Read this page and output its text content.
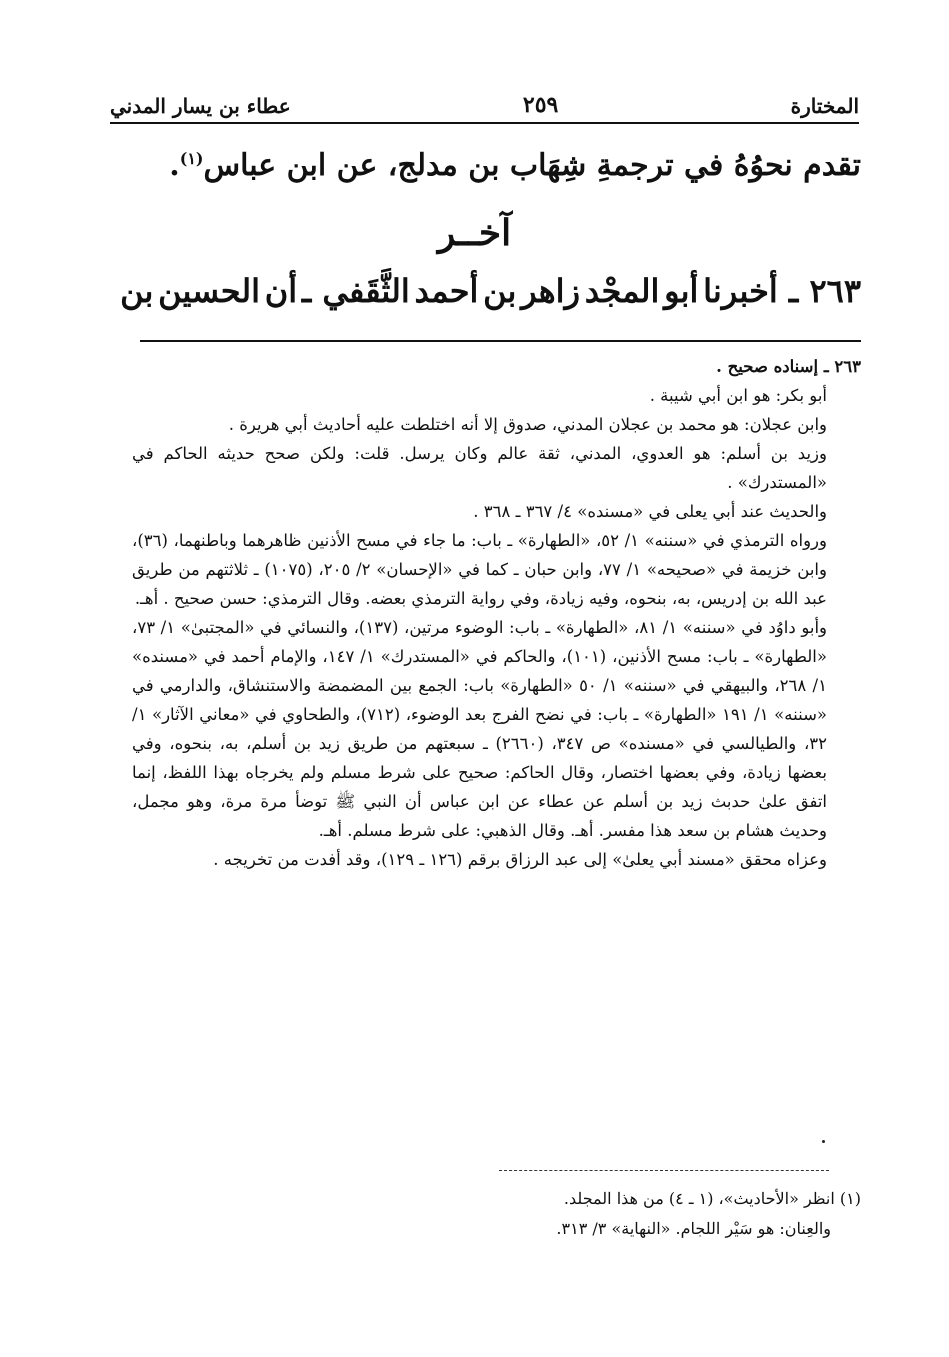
المختارة
٢٥٩
عطاء بن يسار المدني
تقدم نحوُهُ في ترجمةِ شِهَاب بن مدلج، عن ابن عباس$^{(١)}$.
آخــر
٢٦٣ ـ أخبرنا
أبو
المجْد
زاهر
بن
أحمد
الثَّقَفي ـ
أن
الحسين
بن

٢٦٣ ـ إسناده صحيح .

أبو بكر: هو ابن أبي شيبة .

وابن عجلان: هو محمد بن عجلان المدني، صدوق إلا أنه اختلطت عليه أحاديث أبي هريرة .

وزيد بن أسلم: هو العدوي، المدني، ثقة عالم وكان يرسل. قلت: ولكن صحح حديثه الحاكم في «المستدرك» .

والحديث عند أبي يعلى في «مسنده» ٤/ ٣٦٧ ـ ٣٦٨ .

ورواه الترمذي في «سننه» ١/ ٥٢، «الطهارة» ـ باب: ما جاء في مسح الأذنين ظاهرهما وباطنهما، (٣٦)، وابن خزيمة في «صحيحه» ١/ ٧٧، وابن حبان ـ كما في «الإحسان» ٢/ ٢٠٥، (١٠٧٥) ـ ثلاثتهم من طريق عبد الله بن إدريس، به، بنحوه، وفيه زيادة، وفي رواية الترمذي بعضه. وقال الترمذي: حسن صحيح . أهـ.

وأبو داوُد في «سننه» ١/ ٨١، «الطهارة» ـ باب: الوضوء مرتين، (١٣٧)، والنسائي في «المجتبىٰ» ١/ ٧٣، «الطهارة» ـ باب: مسح الأذنين، (١٠١)، والحاكم في «المستدرك» ١/ ١٤٧، والإمام أحمد في «مسنده» ١/ ٢٦٨، والبيهقي في «سننه» ١/ ٥٠ «الطهارة» باب: الجمع بين المضمضة والاستنشاق، والدارمي في «سننه» ١/ ١٩١ «الطهارة» ـ باب: في نضح الفرج بعد الوضوء، (٧١٢)، والطحاوي في «معاني الآثار» ١/ ٣٢، والطيالسي في «مسنده» ص ٣٤٧، (٢٦٦٠) ـ سبعتهم من طريق زيد بن أسلم، به، بنحوه، وفي بعضها زيادة، وفي بعضها اختصار، وقال الحاكم: صحيح على شرط مسلم ولم يخرجاه بهذا اللفظ، إنما اتفق علىٰ حدبث زيد بن أسلم عن عطاء عن ابن عباس أن النبي ﷺ توضأ مرة مرة، وهو مجمل، وحديث هشام بن سعد هذا مفسر. أهـ. وقال الذهبي: على شرط مسلم. أهـ.

وعزاه محقق «مسند أبي يعلىٰ» إلى عبد الرزاق برقم (١٢٦ ـ ١٢٩)، وقد أفدت من تخريجه .

(١) انظر «الأحاديث»، (١ ـ ٤) من هذا المجلد.

والعِنان: هو سَيْر اللجام. «النهاية» ٣/ ٣١٣.
